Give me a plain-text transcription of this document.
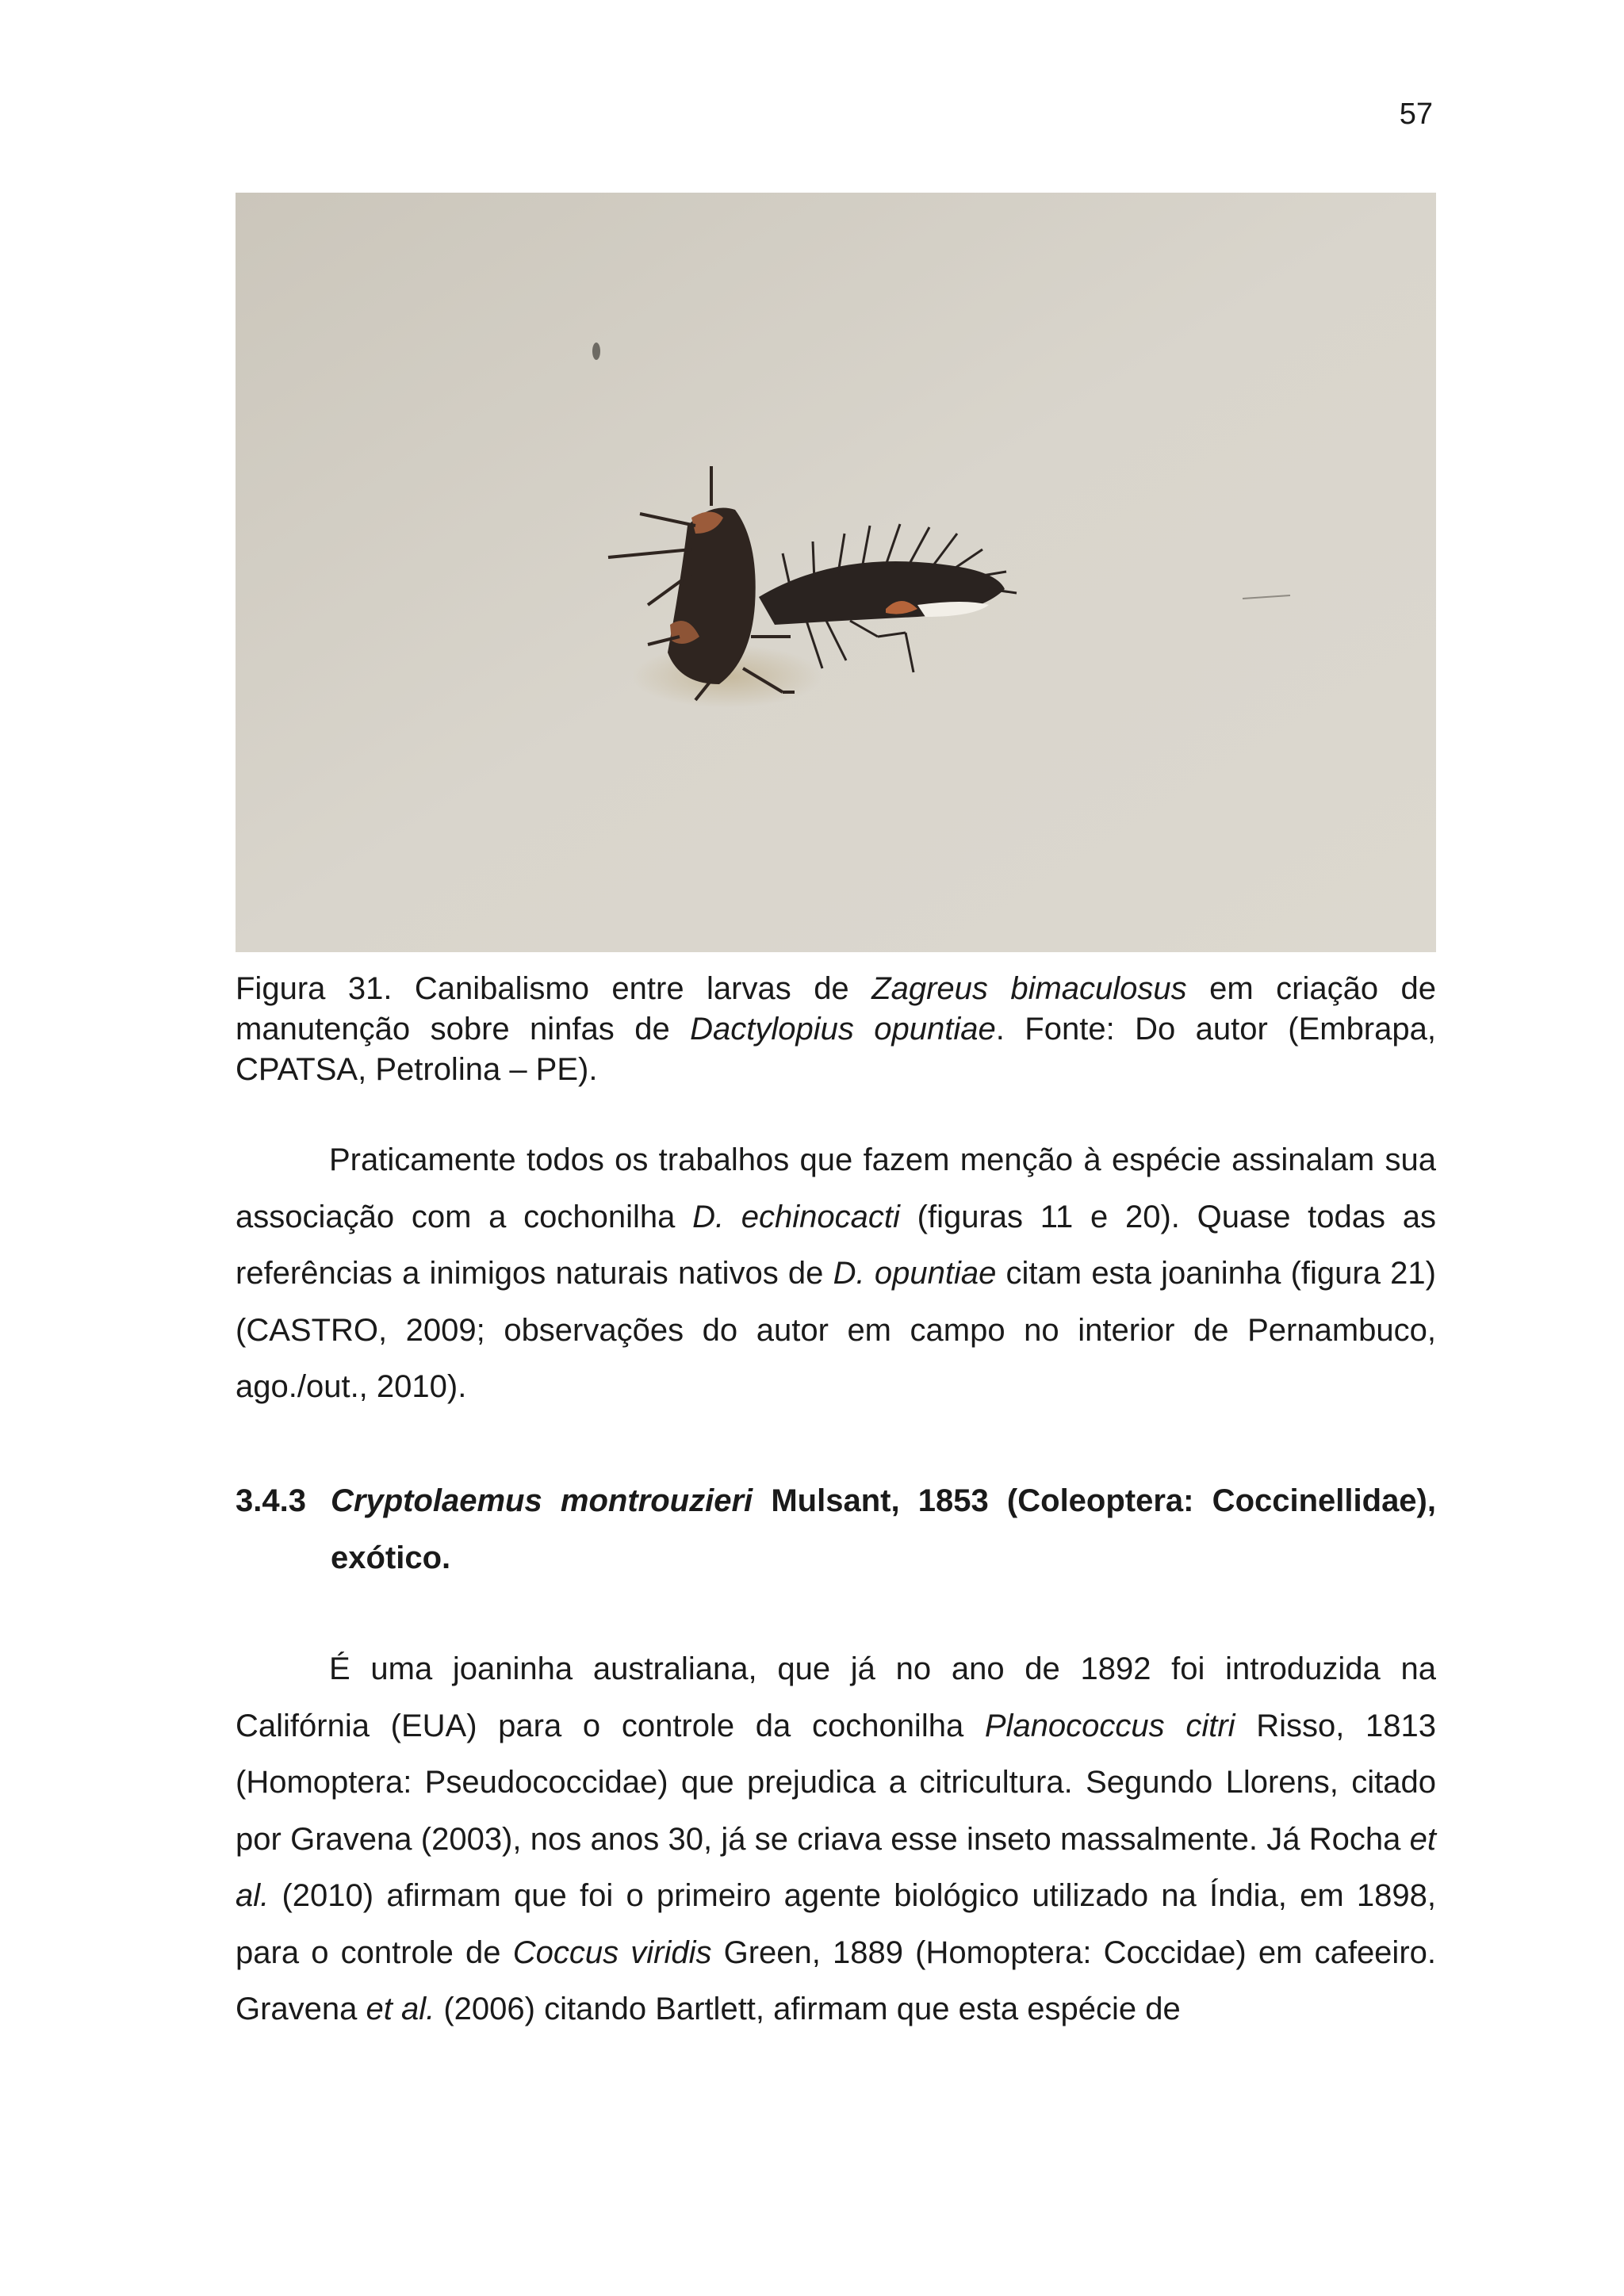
57
Figura 31. Canibalismo entre larvas de Zagreus bimaculosus em criação de manutenção sobre ninfas de Dactylopius opuntiae. Fonte: Do autor (Embrapa, CPATSA, Petrolina – PE).

Praticamente todos os trabalhos que fazem menção à espécie assinalam sua associação com a cochonilha D. echinocacti (figuras 11 e 20). Quase todas as referências a inimigos naturais nativos de D. opuntiae citam esta joaninha (figura 21) (CASTRO, 2009; observações do autor em campo no interior de Pernambuco, ago./out., 2010).

3.4.3 Cryptolaemus montrouzieri Mulsant, 1853 (Coleoptera: Coccinellidae), exótico.

É uma joaninha australiana, que já no ano de 1892 foi introduzida na Califórnia (EUA) para o controle da cochonilha Planococcus citri Risso, 1813 (Homoptera: Pseudococcidae) que prejudica a citricultura. Segundo Llorens, citado por Gravena (2003), nos anos 30, já se criava esse inseto massalmente. Já Rocha et al. (2010) afirmam que foi o primeiro agente biológico utilizado na Índia, em 1898, para o controle de Coccus viridis Green, 1889 (Homoptera: Coccidae) em cafeeiro. Gravena et al. (2006) citando Bartlett, afirmam que esta espécie de
